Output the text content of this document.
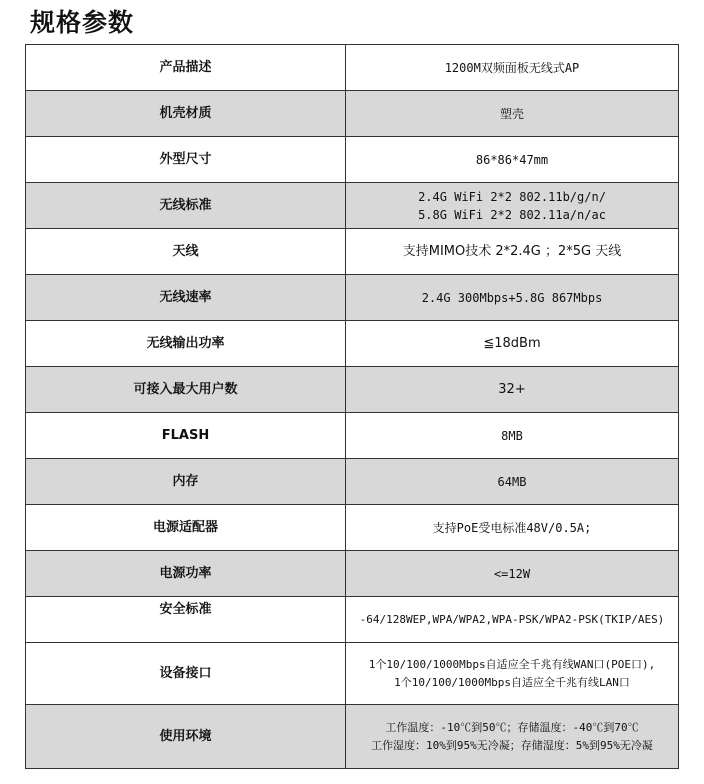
规格参数
产品描述	1200M双频面板无线式AP

机壳材质	塑壳

外型尺寸	86*86*47mm

无线标准	2.4G WiFi 2*2 802.11b/g/n/
5.8G WiFi 2*2 802.11a/n/ac

天线	支持MIMO技术 2*2.4G ；2*5G 天线

无线速率	2.4G 300Mbps+5.8G 867Mbps

无线输出功率	≦18dBm

可接入最大用户数	32+

FLASH	8MB

内存	64MB

电源适配器	支持PoE受电标准48V/0.5A;

电源功率	<=12W

安全标准	-64/128WEP,WPA/WPA2,WPA-PSK/WPA2-PSK(TKIP/AES)

设备接口	1个10/100/1000Mbps自适应全千兆有线WAN口(POE口),
1个10/100/1000Mbps自适应全千兆有线LAN口

使用环境	工作温度：-10℃到50℃；存储温度：-40℃到70℃
工作湿度：10%到95%无冷凝；存储湿度：5%到95%无冷凝
